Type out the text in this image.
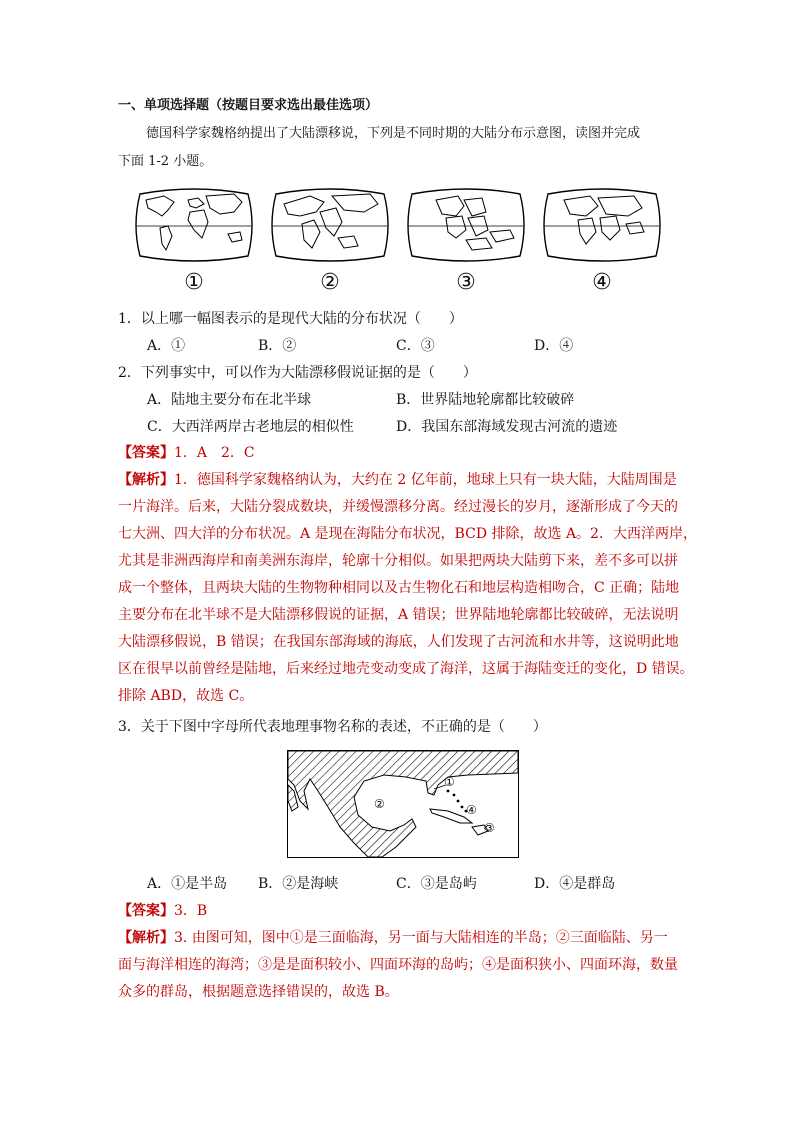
一、单项选择题（按题目要求选出最佳选项）
德国科学家魏格纳提出了大陆漂移说，下列是不同时期的大陆分布示意图，读图并完成
下面 1-2 小题。
①	②	③	④
1．以上哪一幅图表示的是现代大陆的分布状况（　　）
A．①	B．②	C．③	D．④
2．下列事实中，可以作为大陆漂移假说证据的是（　　）
A．陆地主要分布在北半球	B．世界陆地轮廓都比较破碎
C．大西洋两岸古老地层的相似性	D．我国东部海域发现古河流的遗迹
【答案】1．A　2．C
【解析】1．德国科学家魏格纳认为，大约在 2 亿年前，地球上只有一块大陆，大陆周围是
一片海洋。后来，大陆分裂成数块，并缓慢漂移分离。经过漫长的岁月，逐渐形成了今天的
七大洲、四大洋的分布状况。A 是现在海陆分布状况，BCD 排除，故选 A。2．大西洋两岸，
尤其是非洲西海岸和南美洲东海岸，轮廓十分相似。如果把两块大陆剪下来，差不多可以拼
成一个整体，且两块大陆的生物物种相同以及古生物化石和地层构造相吻合，C 正确；陆地
主要分布在北半球不是大陆漂移假说的证据，A 错误；世界陆地轮廓都比较破碎，无法说明
大陆漂移假说，B 错误；在我国东部海域的海底，人们发现了古河流和水井等，这说明此地
区在很早以前曾经是陆地，后来经过地壳变动变成了海洋，这属于海陆变迁的变化，D 错误。
排除 ABD，故选 C。
3．关于下图中字母所代表地理事物名称的表述，不正确的是（　　）
①
②
③
④
A．①是半岛 B．②是海峡	C．③是岛屿	D．④是群岛
【答案】3．B
【解析】3. 由图可知，图中①是三面临海，另一面与大陆相连的半岛；②三面临陆、另一
面与海洋相连的海湾；③是是面积较小、四面环海的岛屿；④是面积狭小、四面环海，数量
众多的群岛，根据题意选择错误的，故选 B。
